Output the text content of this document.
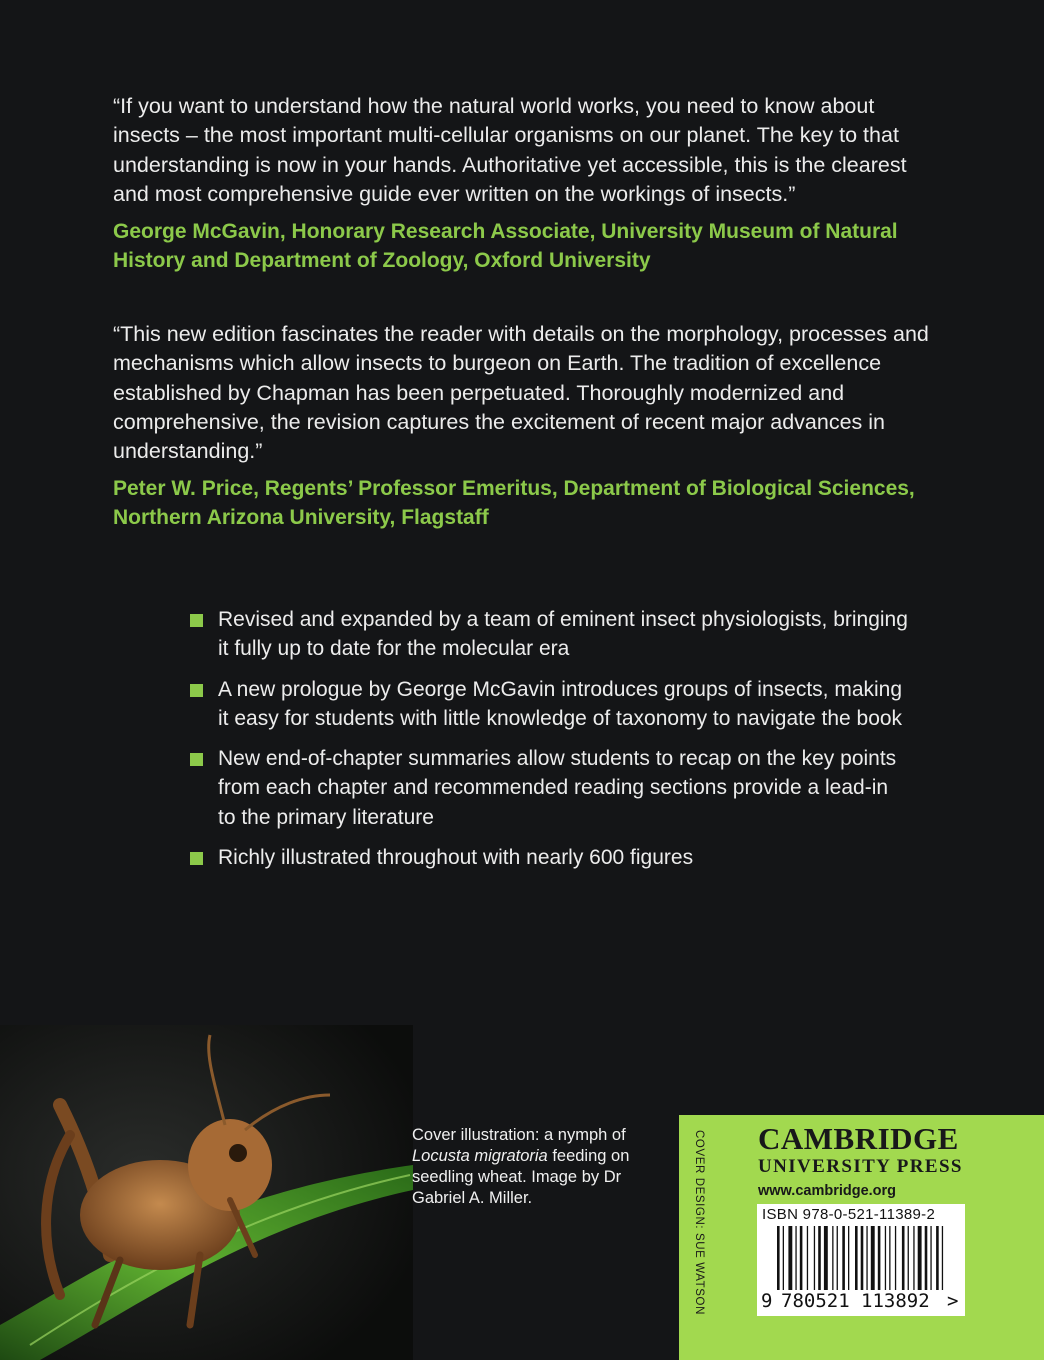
“If you want to understand how the natural world works, you need to know about insects – the most important multi-cellular organisms on our planet. The key to that understanding is now in your hands. Authoritative yet accessible, this is the clearest and most comprehensive guide ever written on the workings of insects.”

George McGavin, Honorary Research Associate, University Museum of Natural History and Department of Zoology, Oxford University

“This new edition fascinates the reader with details on the morphology, processes and mechanisms which allow insects to burgeon on Earth. The tradition of excellence established by Chapman has been perpetuated. Thoroughly modernized and comprehensive, the revision captures the excitement of recent major advances in understanding.”

Peter W. Price, Regents’ Professor Emeritus, Department of Biological Sciences, Northern Arizona University, Flagstaff

Revised and expanded by a team of eminent insect physiologists, bringing it fully up to date for the molecular era
A new prologue by George McGavin introduces groups of insects, making it easy for students with little knowledge of taxonomy to navigate the book
New end-of-chapter summaries allow students to recap on the key points from each chapter and recommended reading sections provide a lead-in to the primary literature
Richly illustrated throughout with nearly 600 figures
Cover illustration: a nymph of Locusta migratoria feeding on seedling wheat. Image by Dr Gabriel A. Miller.	COVER DESIGN: SUE WATSON CAMBRIDGE
UNIVERSITY PRESS
www.cambridge.org
ISBN 978-0-521-11389-2
9 780521 113892 >
